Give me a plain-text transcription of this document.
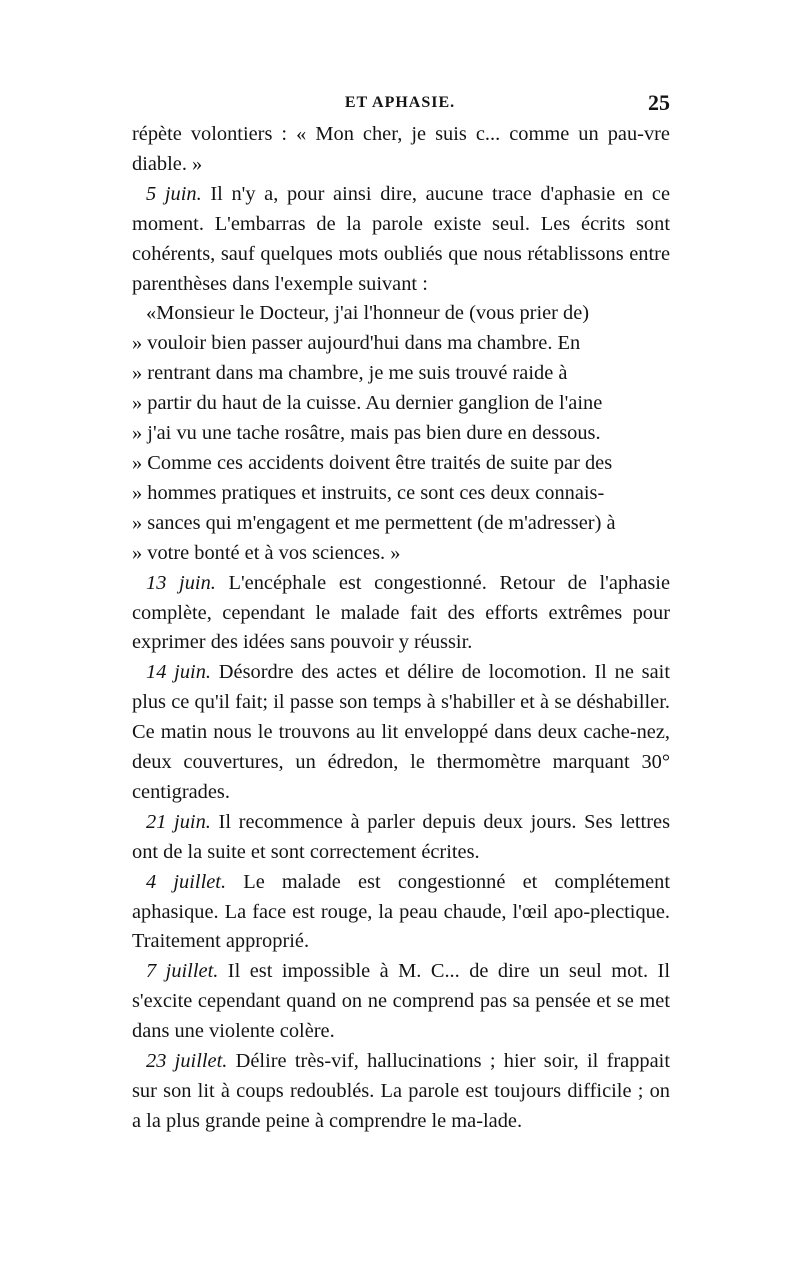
ET APHASIE.	25

répète volontiers : « Mon cher, je suis c... comme un pau-vre diable. »

5 juin. Il n'y a, pour ainsi dire, aucune trace d'aphasie en ce moment. L'embarras de la parole existe seul. Les écrits sont cohérents, sauf quelques mots oubliés que nous rétablissons entre parenthèses dans l'exemple suivant :

«Monsieur le Docteur, j'ai l'honneur de (vous prier de)
» vouloir bien passer aujourd'hui dans ma chambre. En
» rentrant dans ma chambre, je me suis trouvé raide à
» partir du haut de la cuisse. Au dernier ganglion de l'aine
» j'ai vu une tache rosâtre, mais pas bien dure en dessous.
» Comme ces accidents doivent être traités de suite par des
» hommes pratiques et instruits, ce sont ces deux connais-
» sances qui m'engagent et me permettent (de m'adresser) à
» votre bonté et à vos sciences. »

13 juin. L'encéphale est congestionné. Retour de l'aphasie complète, cependant le malade fait des efforts extrêmes pour exprimer des idées sans pouvoir y réussir.

14 juin. Désordre des actes et délire de locomotion. Il ne sait plus ce qu'il fait; il passe son temps à s'habiller et à se déshabiller. Ce matin nous le trouvons au lit enveloppé dans deux cache-nez, deux couvertures, un édredon, le thermomètre marquant 30° centigrades.

21 juin. Il recommence à parler depuis deux jours. Ses lettres ont de la suite et sont correctement écrites.

4 juillet. Le malade est congestionné et complétement aphasique. La face est rouge, la peau chaude, l'œil apo-plectique. Traitement approprié.

7 juillet. Il est impossible à M. C... de dire un seul mot. Il s'excite cependant quand on ne comprend pas sa pensée et se met dans une violente colère.

23 juillet. Délire très-vif, hallucinations ; hier soir, il frappait sur son lit à coups redoublés. La parole est toujours difficile ; on a la plus grande peine à comprendre le ma-lade.
